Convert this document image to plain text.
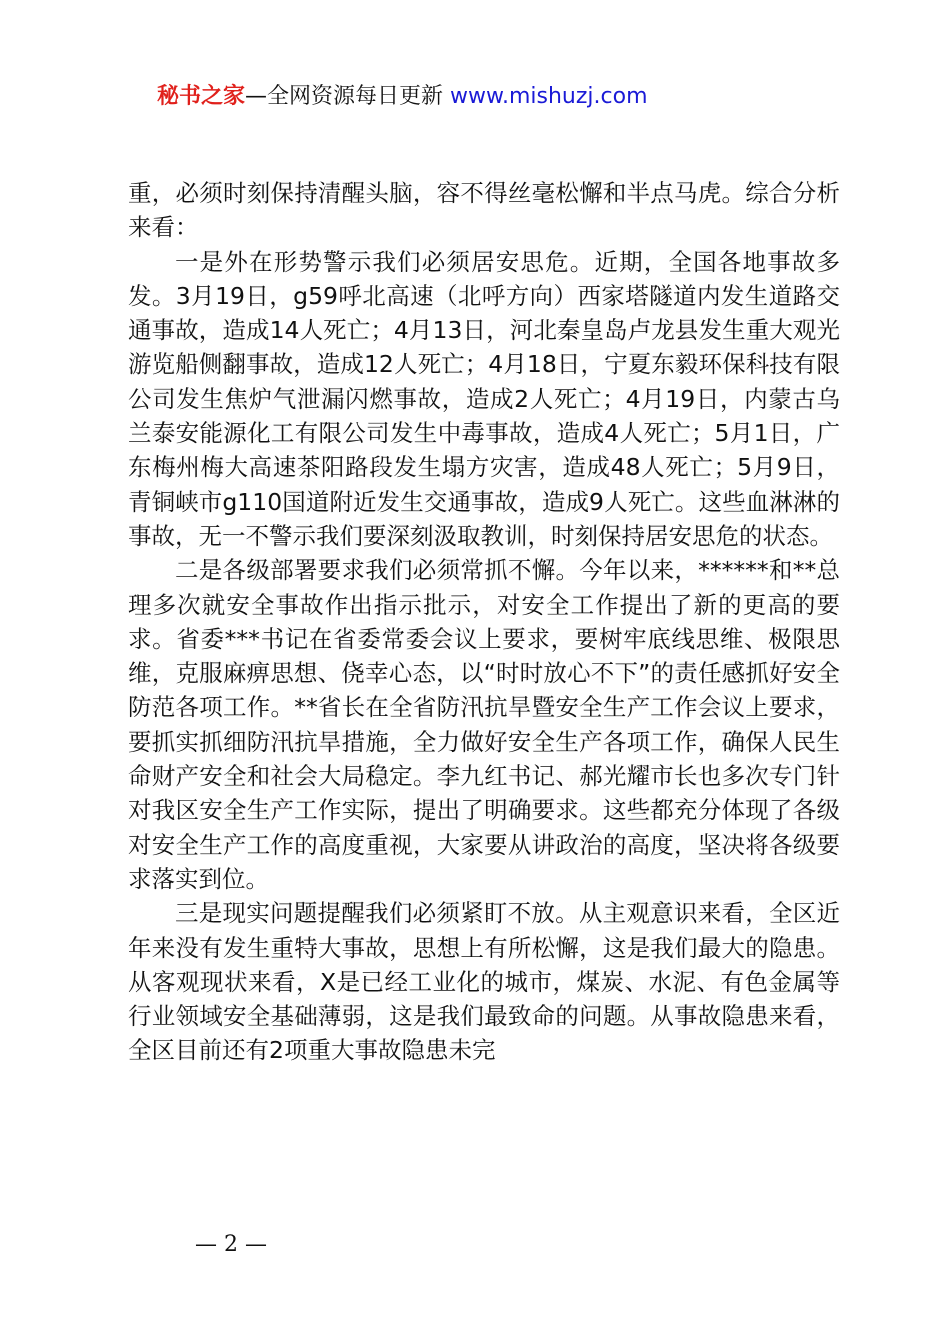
秘书之家—全网资源每日更新 www.mishuzj.com

重，必须时刻保持清醒头脑，容不得丝毫松懈和半点马虎。综合分析来看：

一是外在形势警示我们必须居安思危。近期，全国各地事故多发。3月19日，g59呼北高速（北呼方向）西家塔隧道内发生道路交通事故，造成14人死亡；4月13日，河北秦皇岛卢龙县发生重大观光游览船侧翻事故，造成12人死亡；4月18日，宁夏东毅环保科技有限公司发生焦炉气泄漏闪燃事故，造成2人死亡；4月19日，内蒙古乌兰泰安能源化工有限公司发生中毒事故，造成4人死亡；5月1日，广东梅州梅大高速茶阳路段发生塌方灾害，造成48人死亡；5月9日，青铜峡市g110国道附近发生交通事故，造成9人死亡。这些血淋淋的事故，无一不警示我们要深刻汲取教训，时刻保持居安思危的状态。

二是各级部署要求我们必须常抓不懈。今年以来，******和**总理多次就安全事故作出指示批示，对安全工作提出了新的更高的要求。省委***书记在省委常委会议上要求，要树牢底线思维、极限思维，克服麻痹思想、侥幸心态，以“时时放心不下”的责任感抓好安全防范各项工作。**省长在全省防汛抗旱暨安全生产工作会议上要求，要抓实抓细防汛抗旱措施，全力做好安全生产各项工作，确保人民生命财产安全和社会大局稳定。李九红书记、郝光耀市长也多次专门针对我区安全生产工作实际，提出了明确要求。这些都充分体现了各级对安全生产工作的高度重视，大家要从讲政治的高度，坚决将各级要求落实到位。

三是现实问题提醒我们必须紧盯不放。从主观意识来看，全区近年来没有发生重特大事故，思想上有所松懈，这是我们最大的隐患。从客观现状来看，X是已经工业化的城市，煤炭、水泥、有色金属等行业领域安全基础薄弱，这是我们最致命的问题。从事故隐患来看，全区目前还有2项重大事故隐患未完

— 2 —
